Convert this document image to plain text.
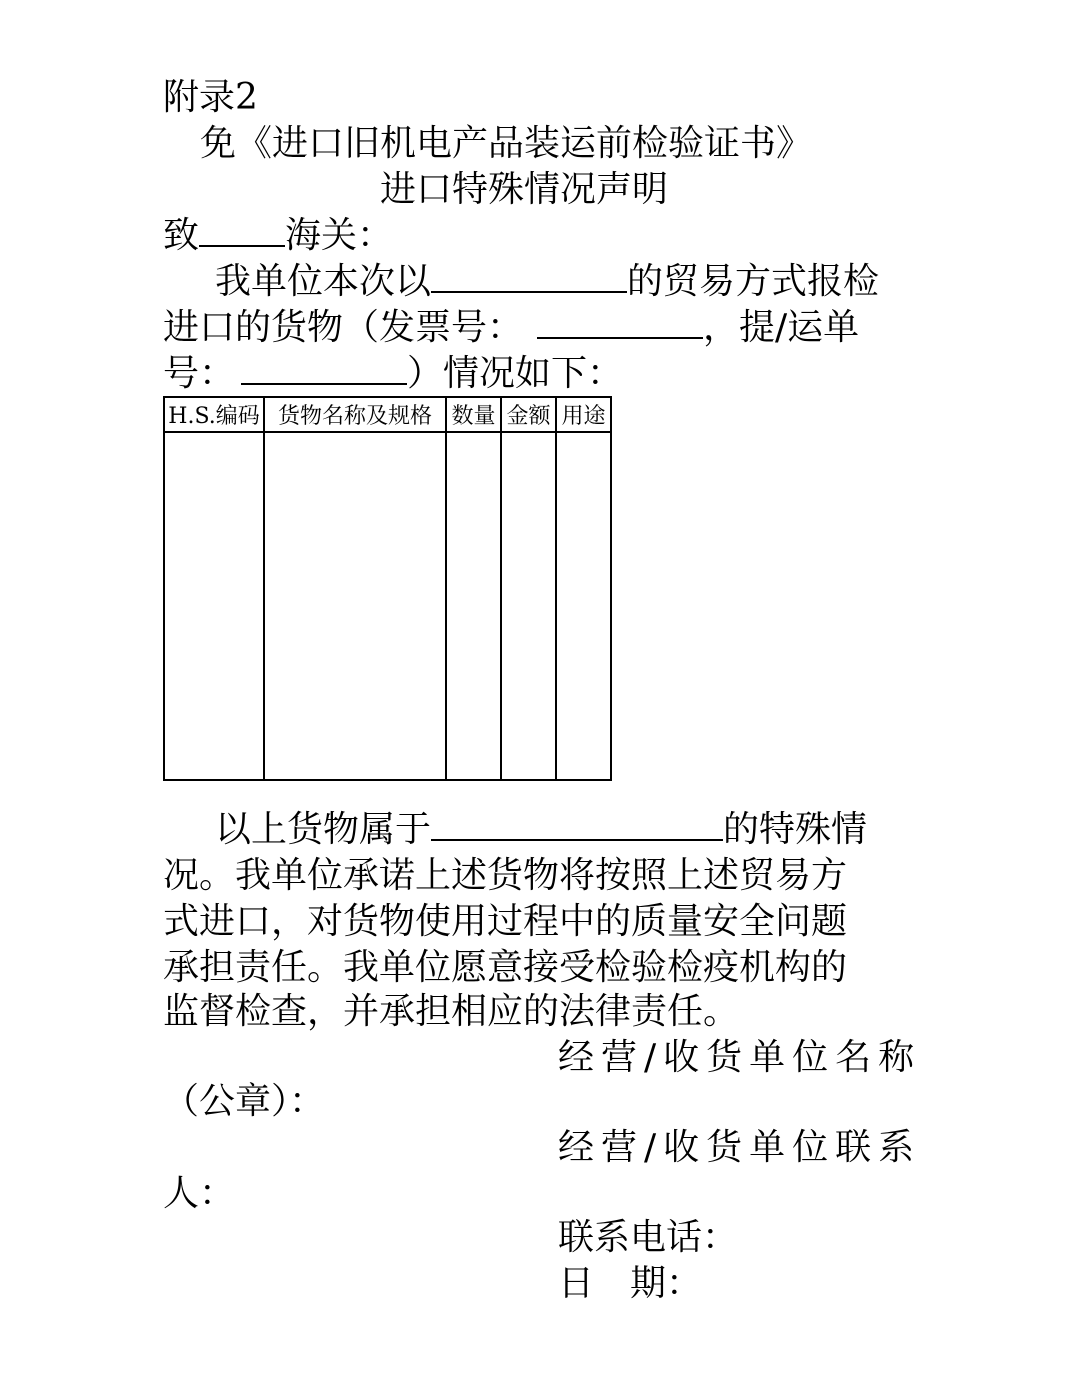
附录2
免《进口旧机电产品装运前检验证书》
进口特殊情况声明
致 海关：
我单位本次以	的贸易方式报检
进口的货物（发票号：	，提/运单
号：	）情况如下：
H.S.编码	货物名称及规格	数量	金额	用途

以上货物属于	的特殊情
况。我单位承诺上述货物将按照上述贸易方
式进口，对货物使用过程中的质量安全问题
承担责任。我单位愿意接受检验检疫机构的
监督检查，并承担相应的法律责任。
经营/收货单位名称
（公章）：
经营/收货单位联系
人：
联系电话：
日　期：
